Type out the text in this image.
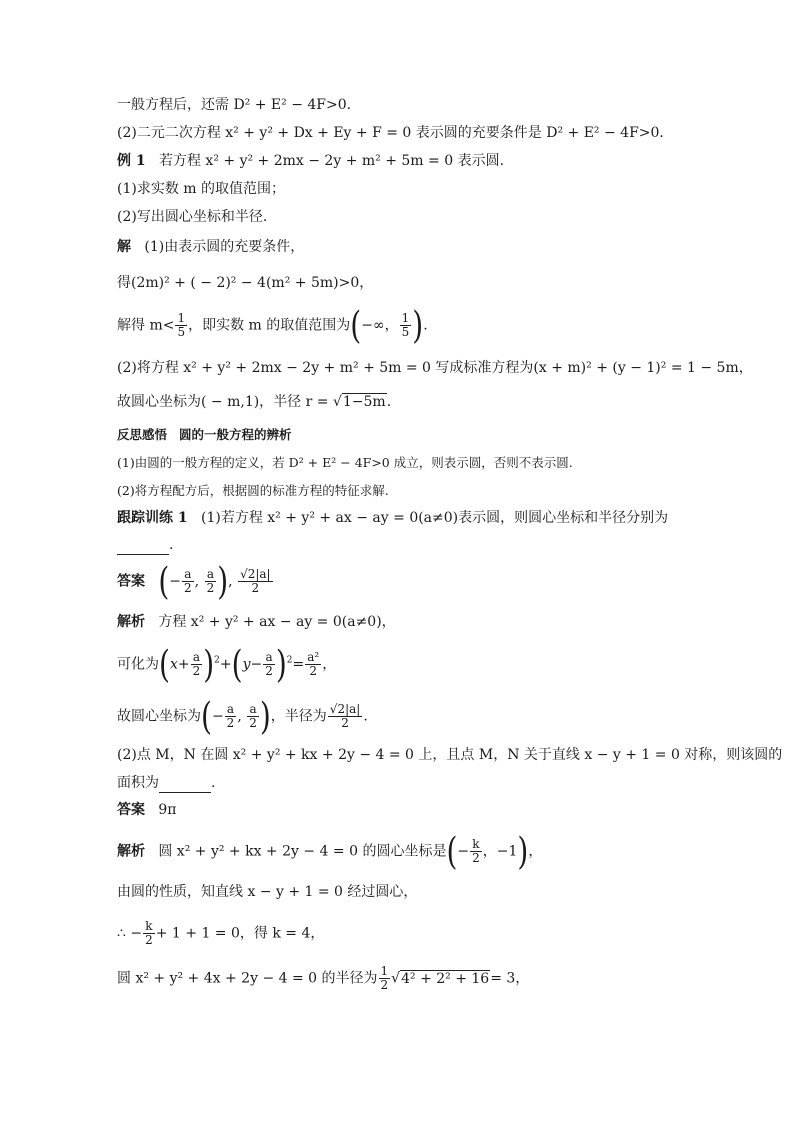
一般方程后，还需 D² + E² − 4F>0.
(2)二元二次方程 x² + y² + Dx + Ey + F = 0 表示圆的充要条件是 D² + E² − 4F>0.
例 1 若方程 x² + y² + 2mx − 2y + m² + 5m = 0 表示圆.
(1)求实数 m 的取值范围；
(2)写出圆心坐标和半径.
解 (1)由表示圆的充要条件，
得(2m)² + ( − 2)² − 4(m² + 5m)>0，
解得 $m< \frac{1}{5}$ ，即实数 m 的取值范围为(−∞， $\frac{1}{5}$ ).
(2)将方程 x² + y² + 2mx − 2y + m² + 5m = 0 写成标准方程为(x + m)² + (y − 1)² = 1 − 5m，
故圆心坐标为( − m,1)，半径 r = √1−5m.
反思感悟 圆的一般方程的辨析
(1)由圆的一般方程的定义，若 D² + E² − 4F>0 成立，则表示圆，否则不表示圆.
(2)将方程配方后，根据圆的标准方程的特征求解.
跟踪训练 1 (1)若方程 x² + y² + ax − ay = 0(a≠0)表示圆，则圆心坐标和半径分别为
.
答案 (− $\frac{a}{2}$ , $\frac{a}{2}$ ), $\frac{√2|a|}{2}$
解析 方程 x² + y² + ax − ay = 0(a≠0)，
可化为$(x+ \frac{a}{2} )^2+(y- \frac{a}{2} )^2= \frac{\text{a²}}{2}$ ，
故圆心坐标为(− $\frac{a}{2}$ , $\frac{a}{2}$ )，半径为 $\frac{√2|a|}{2}$ .
(2)点 M，N 在圆 x² + y² + kx + 2y − 4 = 0 上，且点 M，N 关于直线 x − y + 1 = 0 对称，则该圆的
面积为	.
答案 9π
解析 圆 x² + y² + kx + 2y − 4 = 0 的圆心坐标是(− $\frac{k}{2}$ ，−1)，
由圆的性质，知直线 x − y + 1 = 0 经过圆心，
∴ − $\frac{k}{2} + 1 + 1 = 0$，得 k = 4，
圆 x² + y² + 4x + 2y − 4 = 0 的半径为 $\frac{1}{2} √4^2 + 2^2 + 16= 3$，
